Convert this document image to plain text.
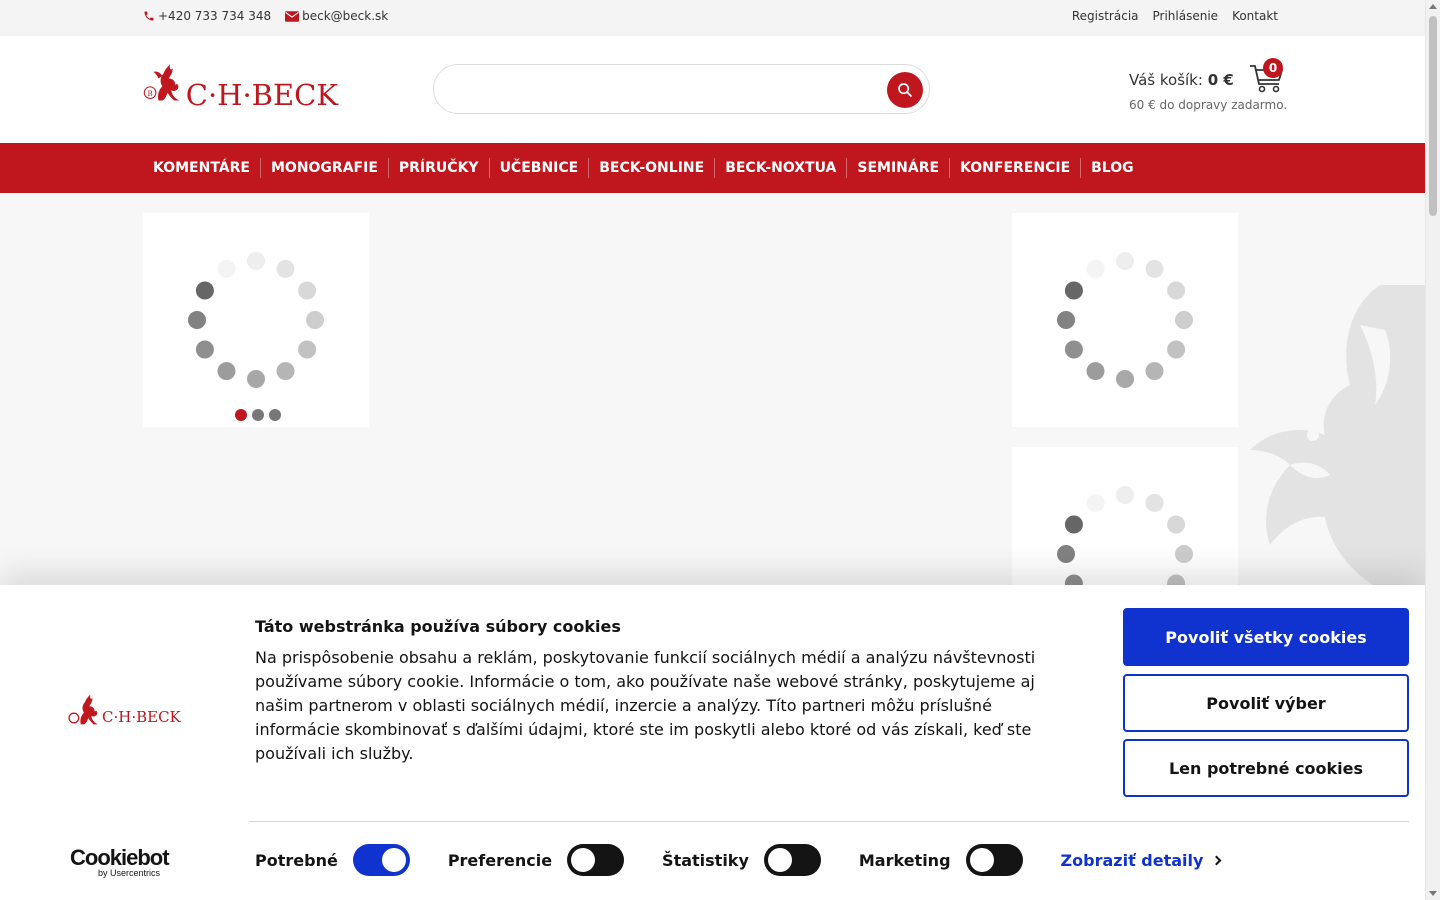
+420 733 734 348	beck@beck.sk	Registrácia Prihlásenie Kontakt
B C·H·BECK	Váš košík: 0 €
60 € do dopravy zadarmo.
0
KOMENTÁRE	MONOGRAFIE	PRÍRUČKY	UČEBNICE	BECK-ONLINE	BECK-NOXTUA	SEMINÁRE	KONFERENCIE	BLOG
C·H·BECK
Táto webstránka používa súbory cookies
Na prispôsobenie obsahu a reklám, poskytovanie funkcií sociálnych médií a analýzu návštevnosti používame súbory cookie. Informácie o tom, ako používate naše webové stránky, poskytujeme aj našim partnerom v oblasti sociálnych médií, inzercie a analýzy. Títo partneri môžu príslušné informácie skombinovať s ďalšími údajmi, ktoré ste im poskytli alebo ktoré od vás získali, keď ste používali ich služby.
Povoliť všetky cookies
Povoliť výber
Len potrebné cookies
Cookiebot
by Usercentrics
Potrebné	Preferencie	Štatistiky	Marketing	Zobraziť detaily
